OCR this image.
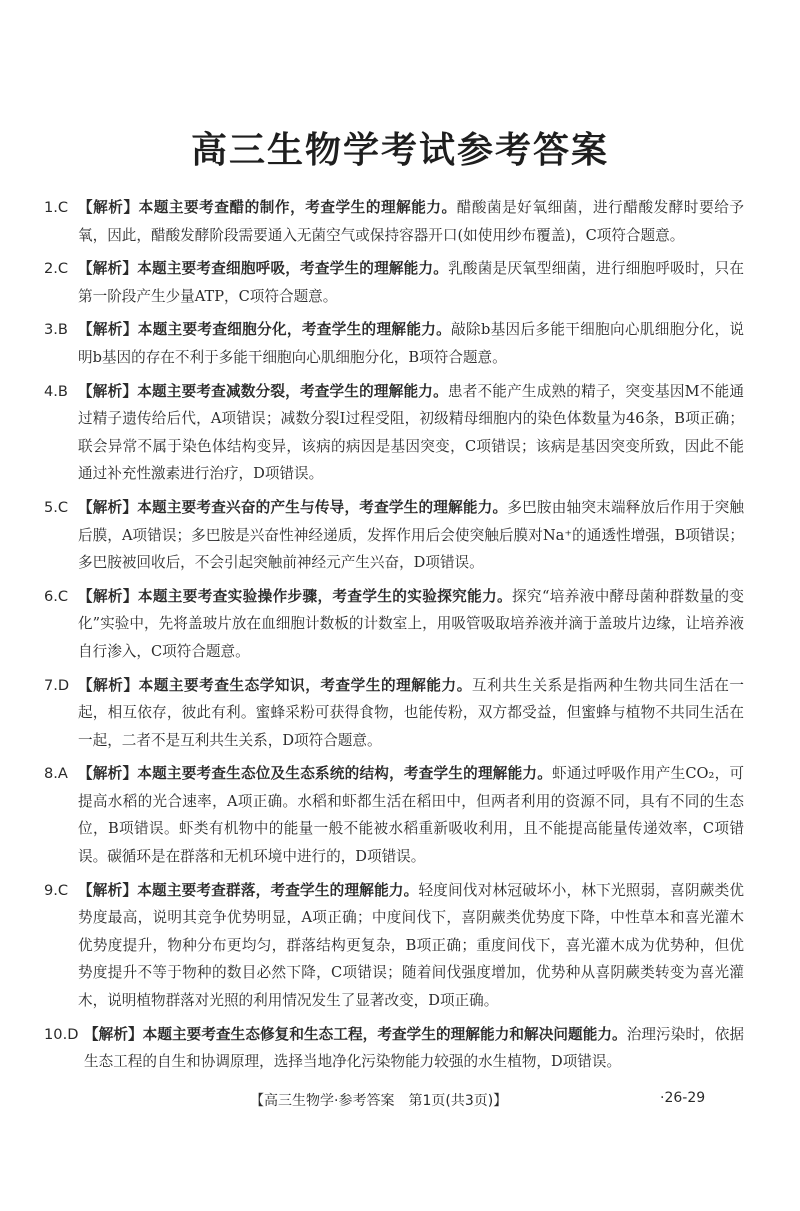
高三生物学考试参考答案
1.C 【解析】本题主要考查醋的制作，考查学生的理解能力。醋酸菌是好氧细菌，进行醋酸发酵时要给予氧，因此，醋酸发酵阶段需要通入无菌空气或保持容器开口(如使用纱布覆盖)，C项符合题意。
2.C 【解析】本题主要考查细胞呼吸，考查学生的理解能力。乳酸菌是厌氧型细菌，进行细胞呼吸时，只在第一阶段产生少量ATP，C项符合题意。
3.B 【解析】本题主要考查细胞分化，考查学生的理解能力。敲除b基因后多能干细胞向心肌细胞分化，说明b基因的存在不利于多能干细胞向心肌细胞分化，B项符合题意。
4.B 【解析】本题主要考查减数分裂，考查学生的理解能力。患者不能产生成熟的精子，突变基因M不能通过精子遗传给后代，A项错误；减数分裂Ⅰ过程受阻，初级精母细胞内的染色体数量为46条，B项正确；联会异常不属于染色体结构变异，该病的病因是基因突变，C项错误；该病是基因突变所致，因此不能通过补充性激素进行治疗，D项错误。
5.C 【解析】本题主要考查兴奋的产生与传导，考查学生的理解能力。多巴胺由轴突末端释放后作用于突触后膜，A项错误；多巴胺是兴奋性神经递质，发挥作用后会使突触后膜对Na⁺的通透性增强，B项错误；多巴胺被回收后，不会引起突触前神经元产生兴奋，D项错误。
6.C 【解析】本题主要考查实验操作步骤，考查学生的实验探究能力。探究“培养液中酵母菌种群数量的变化”实验中，先将盖玻片放在血细胞计数板的计数室上，用吸管吸取培养液并滴于盖玻片边缘，让培养液自行渗入，C项符合题意。
7.D 【解析】本题主要考查生态学知识，考查学生的理解能力。互利共生关系是指两种生物共同生活在一起，相互依存，彼此有利。蜜蜂采粉可获得食物，也能传粉，双方都受益，但蜜蜂与植物不共同生活在一起，二者不是互利共生关系，D项符合题意。
8.A 【解析】本题主要考查生态位及生态系统的结构，考查学生的理解能力。虾通过呼吸作用产生CO₂，可提高水稻的光合速率，A项正确。水稻和虾都生活在稻田中，但两者利用的资源不同，具有不同的生态位，B项错误。虾类有机物中的能量一般不能被水稻重新吸收利用，且不能提高能量传递效率，C项错误。碳循环是在群落和无机环境中进行的，D项错误。
9.C 【解析】本题主要考查群落，考查学生的理解能力。轻度间伐对林冠破坏小，林下光照弱，喜阴蕨类优势度最高，说明其竞争优势明显，A项正确；中度间伐下，喜阴蕨类优势度下降，中性草本和喜光灌木优势度提升，物种分布更均匀，群落结构更复杂，B项正确；重度间伐下，喜光灌木成为优势种，但优势度提升不等于物种的数目必然下降，C项错误；随着间伐强度增加，优势种从喜阴蕨类转变为喜光灌木，说明植物群落对光照的利用情况发生了显著改变，D项正确。
10.D 【解析】本题主要考查生态修复和生态工程，考查学生的理解能力和解决问题能力。治理污染时，依据生态工程的自生和协调原理，选择当地净化污染物能力较强的水生植物，D项错误。
【高三生物学·参考答案　第1页(共3页)】	·26-29
